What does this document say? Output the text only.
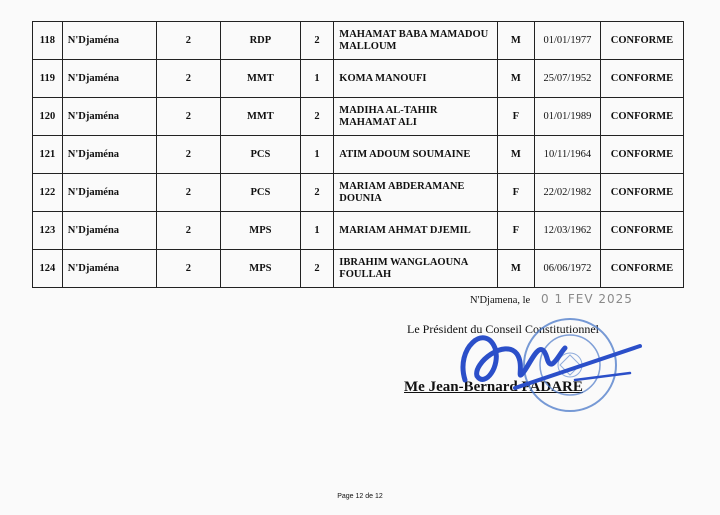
118	N'Djaména	2	RDP	2	MAHAMAT BABA MAMADOU MALLOUM	M	01/01/1977	CONFORME
119	N'Djaména	2	MMT	1	KOMA MANOUFI	M	25/07/1952	CONFORME
120	N'Djaména	2	MMT	2	MADIHA AL-TAHIR MAHAMAT ALI	F	01/01/1989	CONFORME
121	N'Djaména	2	PCS	1	ATIM ADOUM SOUMAINE	M	10/11/1964	CONFORME
122	N'Djaména	2	PCS	2	MARIAM ABDERAMANE DOUNIA	F	22/02/1982	CONFORME
123	N'Djaména	2	MPS	1	MARIAM AHMAT DJEMIL	F	12/03/1962	CONFORME
124	N'Djaména	2	MPS	2	IBRAHIM WANGLAOUNA FOULLAH	M	06/06/1972	CONFORME
N'Djamena, le 0 1 FEV 2025
Le Président du Conseil Constitutionnel
Me Jean-Bernard PADARE
Page 12 de 12
